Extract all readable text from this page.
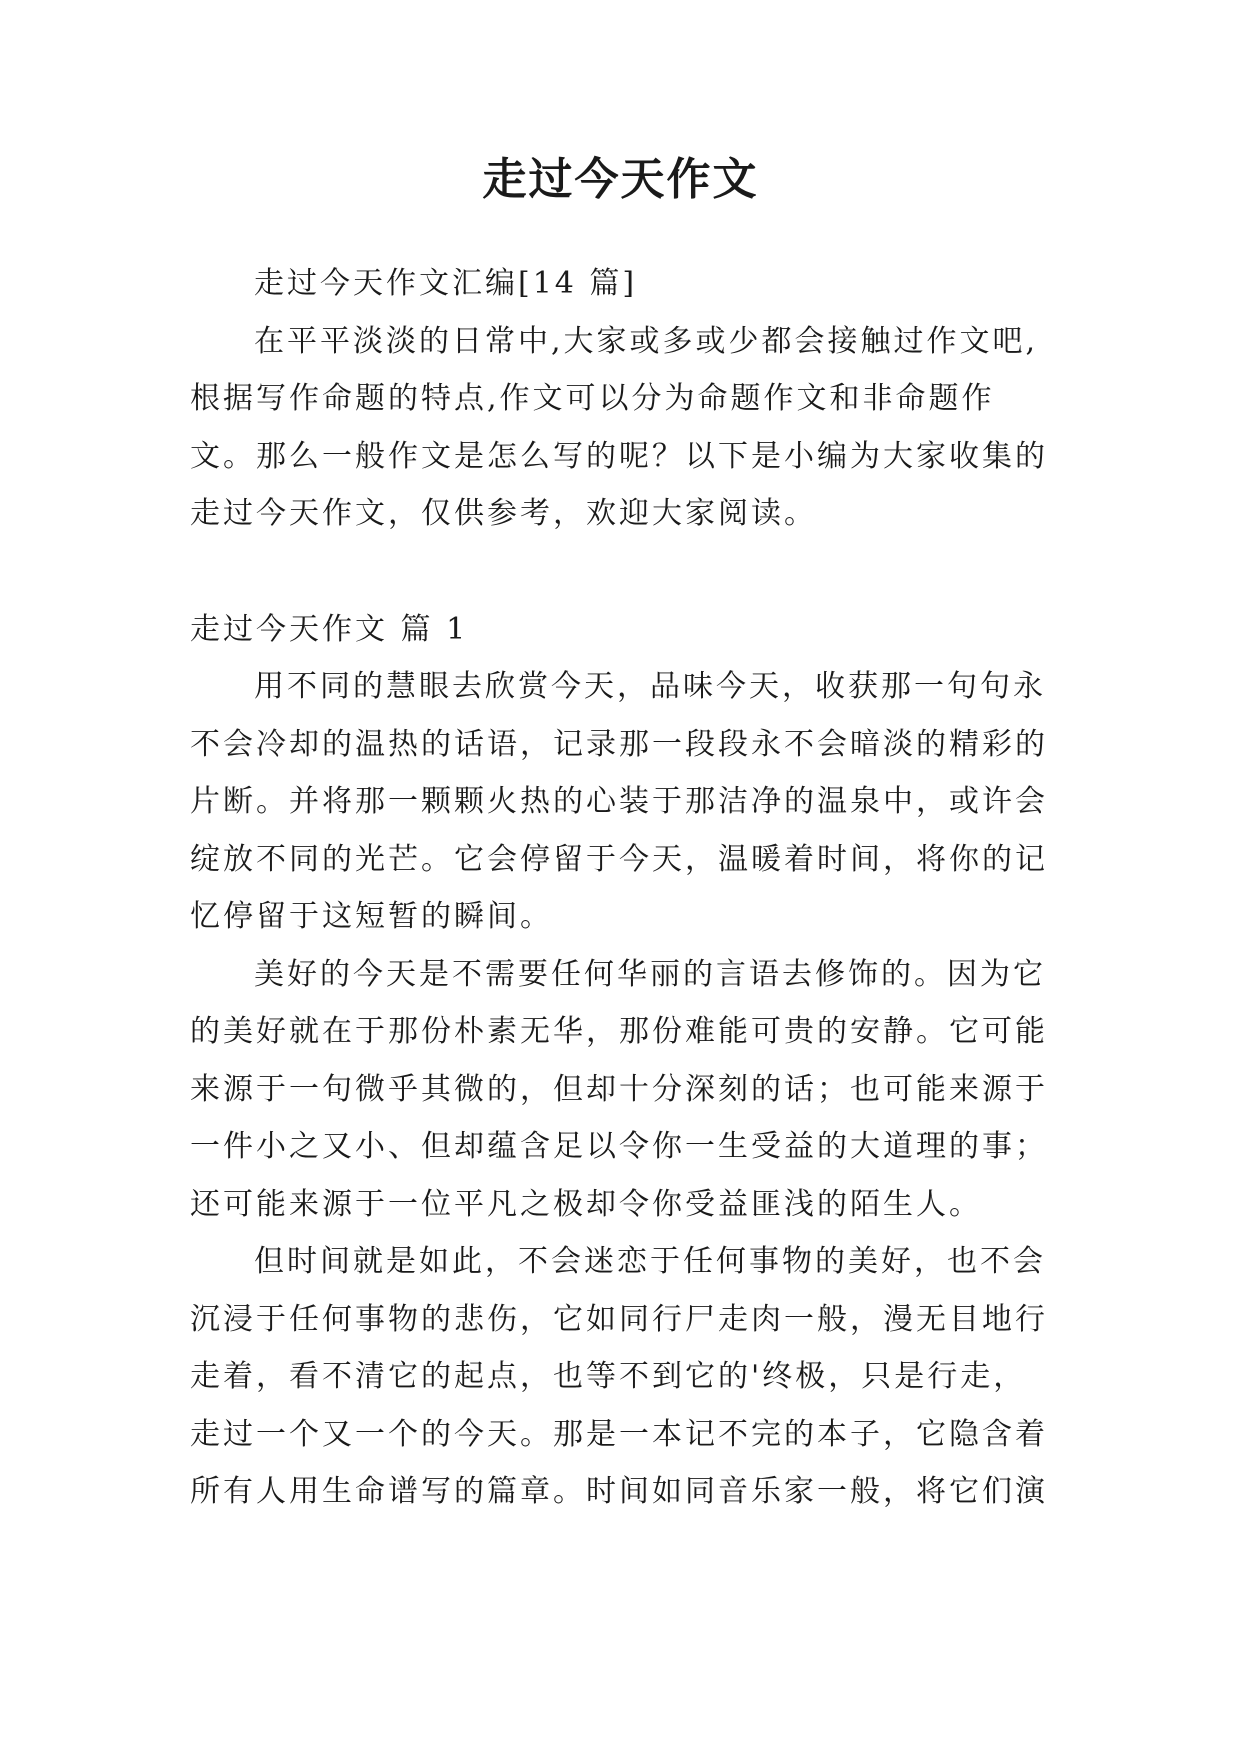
走过今天作文

走过今天作文汇编[14 篇]

在平平淡淡的日常中,大家或多或少都会接触过作文吧,根据写作命题的特点,作文可以分为命题作文和非命题作文。那么一般作文是怎么写的呢？以下是小编为大家收集的走过今天作文，仅供参考，欢迎大家阅读。

走过今天作文 篇 1

用不同的慧眼去欣赏今天，品味今天，收获那一句句永不会冷却的温热的话语，记录那一段段永不会暗淡的精彩的片断。并将那一颗颗火热的心装于那洁净的温泉中，或许会绽放不同的光芒。它会停留于今天，温暖着时间，将你的记忆停留于这短暂的瞬间。

美好的今天是不需要任何华丽的言语去修饰的。因为它的美好就在于那份朴素无华，那份难能可贵的安静。它可能来源于一句微乎其微的，但却十分深刻的话；也可能来源于一件小之又小、但却蕴含足以令你一生受益的大道理的事；还可能来源于一位平凡之极却令你受益匪浅的陌生人。

但时间就是如此，不会迷恋于任何事物的美好，也不会沉浸于任何事物的悲伤，它如同行尸走肉一般，漫无目地行走着，看不清它的起点，也等不到它的'终极，只是行走，走过一个又一个的今天。那是一本记不完的本子，它隐含着所有人用生命谱写的篇章。时间如同音乐家一般，将它们演
